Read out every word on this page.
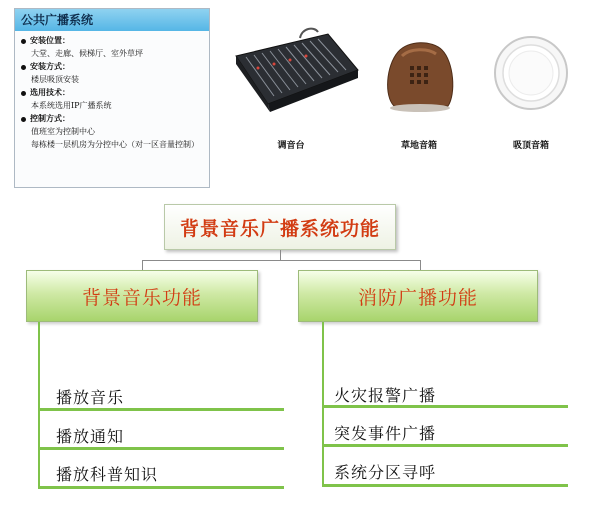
公共广播系统
安装位置：
大堂、走廊、候梯厅、室外草坪
安装方式：
楼层吸顶安装
选用技术：
本系统选用IP广播系统
控制方式：
值班室为控制中心
每栋楼一层机房为分控中心（对一区音量控制）	调音台	草地音箱	吸顶音箱
背景音乐广播系统功能
背景音乐功能
播放音乐
播放通知
播放科普知识
消防广播功能
火灾报警广播
突发事件广播
系统分区寻呼
